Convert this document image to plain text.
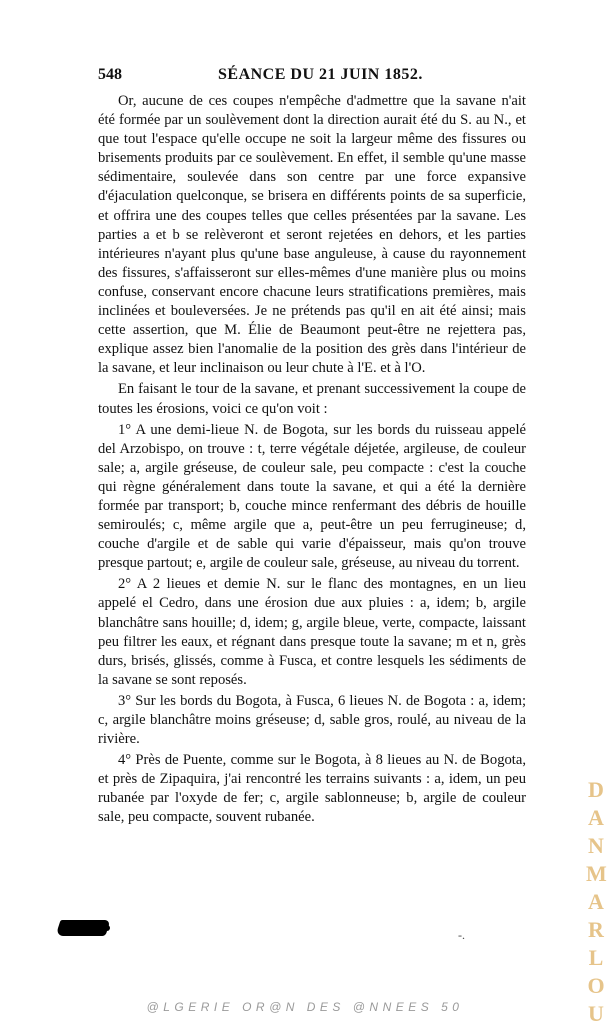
548	SÉANCE DU 21 JUIN 1852.

Or, aucune de ces coupes n'empêche d'admettre que la savane n'ait été formée par un soulèvement dont la direction aurait été du S. au N., et que tout l'espace qu'elle occupe ne soit la largeur même des fissures ou brisements produits par ce soulèvement. En effet, il semble qu'une masse sédimentaire, soulevée dans son centre par une force expansive d'éjaculation quelconque, se brisera en différents points de sa superficie, et offrira une des coupes telles que celles présentées par la savane. Les parties a et b se relèveront et seront rejetées en dehors, et les parties intérieures n'ayant plus qu'une base anguleuse, à cause du rayonnement des fissures, s'affaisseront sur elles-mêmes d'une manière plus ou moins confuse, conservant encore chacune leurs stratifications premières, mais inclinées et bouleversées. Je ne prétends pas qu'il en ait été ainsi; mais cette assertion, que M. Élie de Beaumont peut-être ne rejettera pas, explique assez bien l'anomalie de la position des grès dans l'intérieur de la savane, et leur inclinaison ou leur chute à l'E. et à l'O.

En faisant le tour de la savane, et prenant successivement la coupe de toutes les érosions, voici ce qu'on voit :

1° A une demi-lieue N. de Bogota, sur les bords du ruisseau appelé del Arzobispo, on trouve : t, terre végétale déjetée, argileuse, de couleur sale; a, argile gréseuse, de couleur sale, peu compacte : c'est la couche qui règne généralement dans toute la savane, et qui a été la dernière formée par transport; b, couche mince renfermant des débris de houille semiroulés; c, même argile que a, peut-être un peu ferrugineuse; d, couche d'argile et de sable qui varie d'épaisseur, mais qu'on trouve presque partout; e, argile de couleur sale, gréseuse, au niveau du torrent.

2° A 2 lieues et demie N. sur le flanc des montagnes, en un lieu appelé el Cedro, dans une érosion due aux pluies : a, idem; b, argile blanchâtre sans houille; d, idem; g, argile bleue, verte, compacte, laissant peu filtrer les eaux, et régnant dans presque toute la savane; m et n, grès durs, brisés, glissés, comme à Fusca, et contre lesquels les sédiments de la savane se sont reposés.

3° Sur les bords du Bogota, à Fusca, 6 lieues N. de Bogota : a, idem; c, argile blanchâtre moins gréseuse; d, sable gros, roulé, au niveau de la rivière.

4° Près de Puente, comme sur le Bogota, à 8 lieues au N. de Bogota, et près de Zipaquira, j'ai rencontré les terrains suivants : a, idem, un peu rubanée par l'oxyde de fer; c, argile sablonneuse; b, argile de couleur sale, peu compacte, souvent rubanée.

-.
DANMARLOU
@LGERIE OR@N DES @NNEES 50
